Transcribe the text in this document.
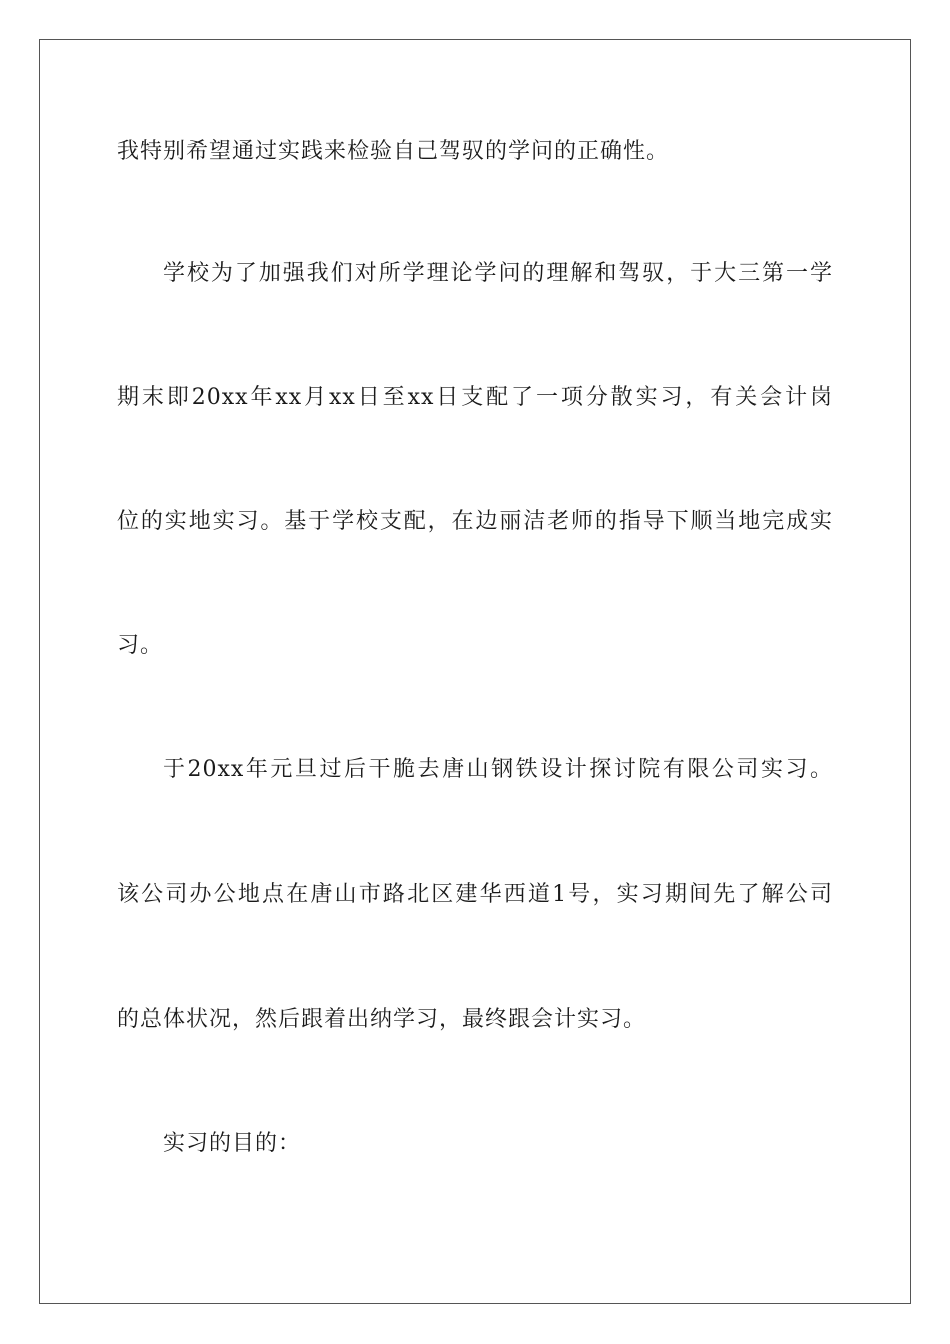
我特别希望通过实践来检验自己驾驭的学问的正确性。
学校为了加强我们对所学理论学问的理解和驾驭，于大三第一学
期末即20xx年xx月xx日至xx日支配了一项分散实习，有关会计岗
位的实地实习。基于学校支配，在边丽洁老师的指导下顺当地完成实
习。
于20xx年元旦过后干脆去唐山钢铁设计探讨院有限公司实习。
该公司办公地点在唐山市路北区建华西道1号，实习期间先了解公司
的总体状况，然后跟着出纳学习，最终跟会计实习。
实习的目的：
